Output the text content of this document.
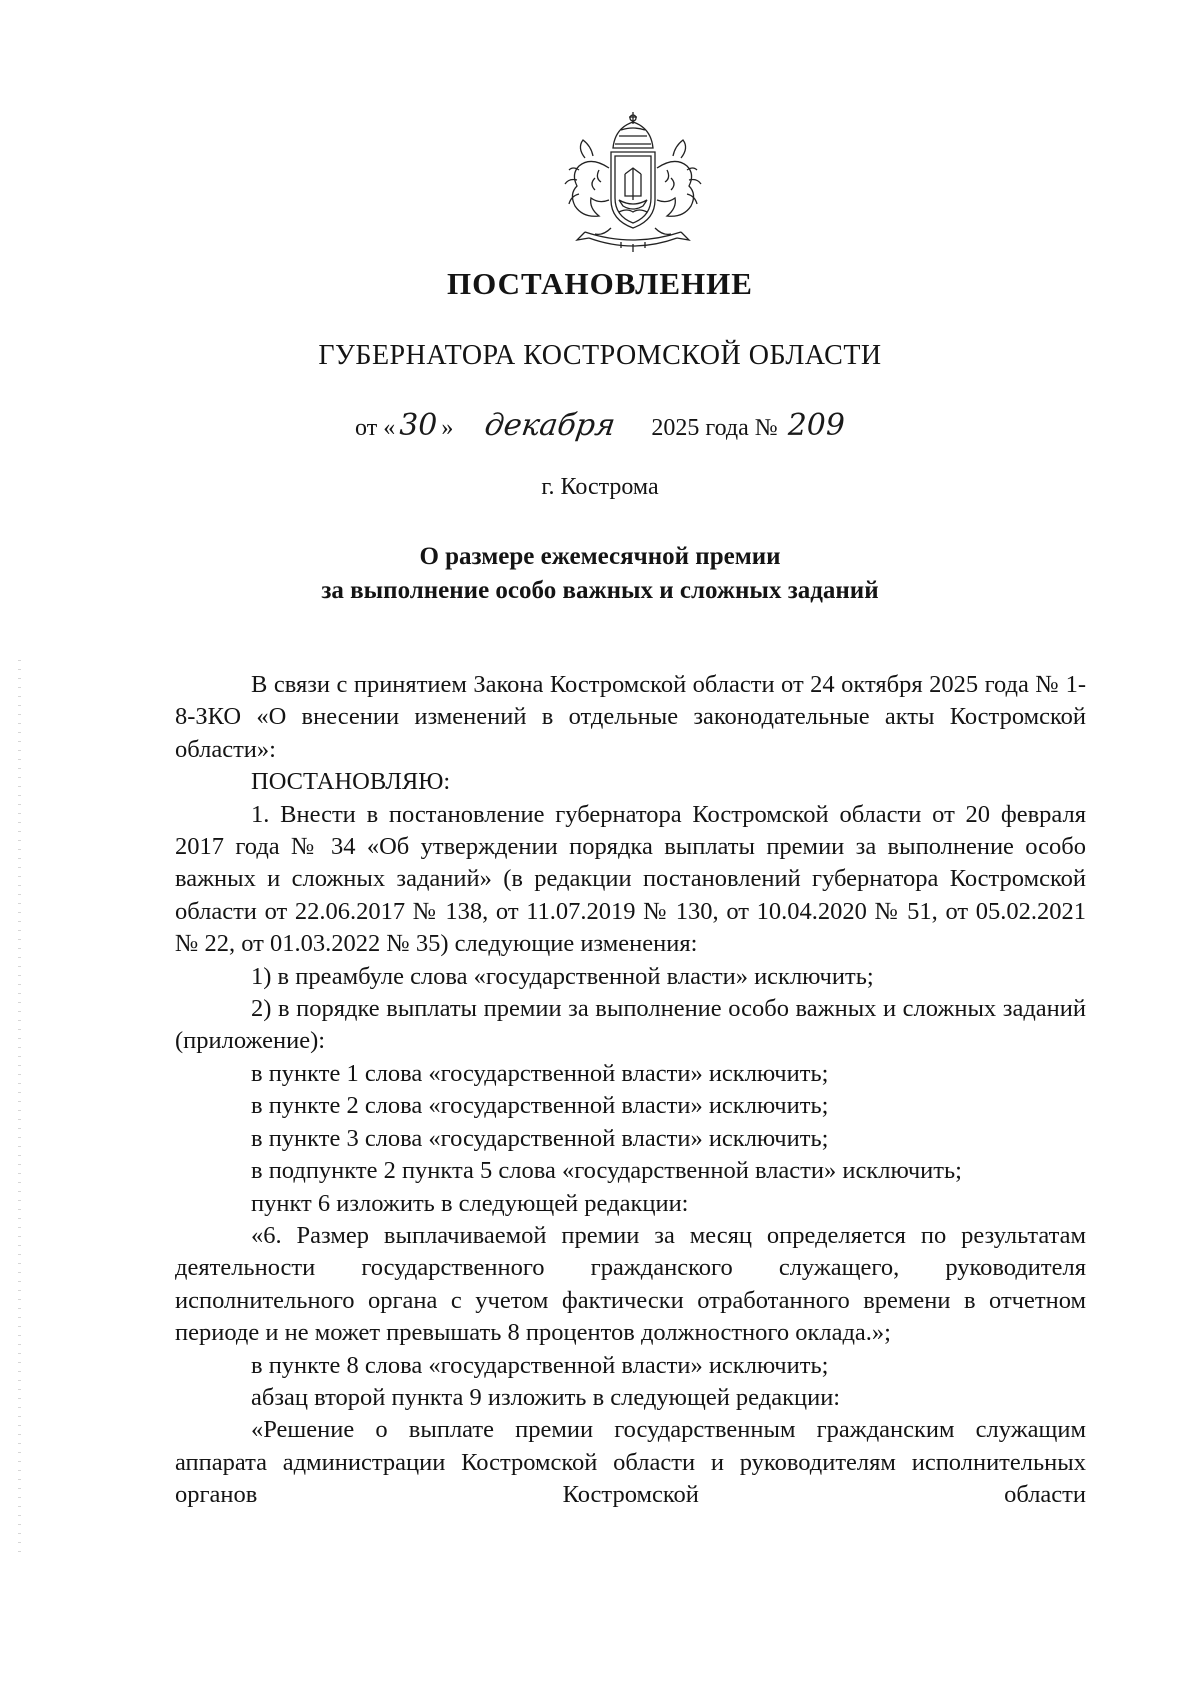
ПОСТАНОВЛЕНИЕ
ГУБЕРНАТОРА КОСТРОМСКОЙ ОБЛАСТИ
от « 30 » декабря 2025 года № 209
г. Кострома
О размере ежемесячной премии
за выполнение особо важных и сложных заданий

В связи с принятием Закона Костромской области от 24 октября 2025 года № 1-8-ЗКО «О внесении изменений в отдельные законодательные акты Костромской области»:

ПОСТАНОВЛЯЮ:

1. Внести в постановление губернатора Костромской области от 20 февраля 2017 года № 34 «Об утверждении порядка выплаты премии за выполнение особо важных и сложных заданий» (в редакции постановлений губернатора Костромской области от 22.06.2017 № 138, от 11.07.2019 № 130, от 10.04.2020 № 51, от 05.02.2021 № 22, от 01.03.2022 № 35) следующие изменения:

1) в преамбуле слова «государственной власти» исключить;

2) в порядке выплаты премии за выполнение особо важных и сложных заданий (приложение):

в пункте 1 слова «государственной власти» исключить;

в пункте 2 слова «государственной власти» исключить;

в пункте 3 слова «государственной власти» исключить;

в подпункте 2 пункта 5 слова «государственной власти» исключить;

пункт 6 изложить в следующей редакции:

«6. Размер выплачиваемой премии за месяц определяется по результатам деятельности государственного гражданского служащего, руководителя исполнительного органа с учетом фактически отработанного времени в отчетном периоде и не может превышать 8 процентов должностного оклада.»;

в пункте 8 слова «государственной власти» исключить;

абзац второй пункта 9 изложить в следующей редакции:

«Решение о выплате премии государственным гражданским служащим аппарата администрации Костромской области и руководителям исполнительных органов Костромской области
